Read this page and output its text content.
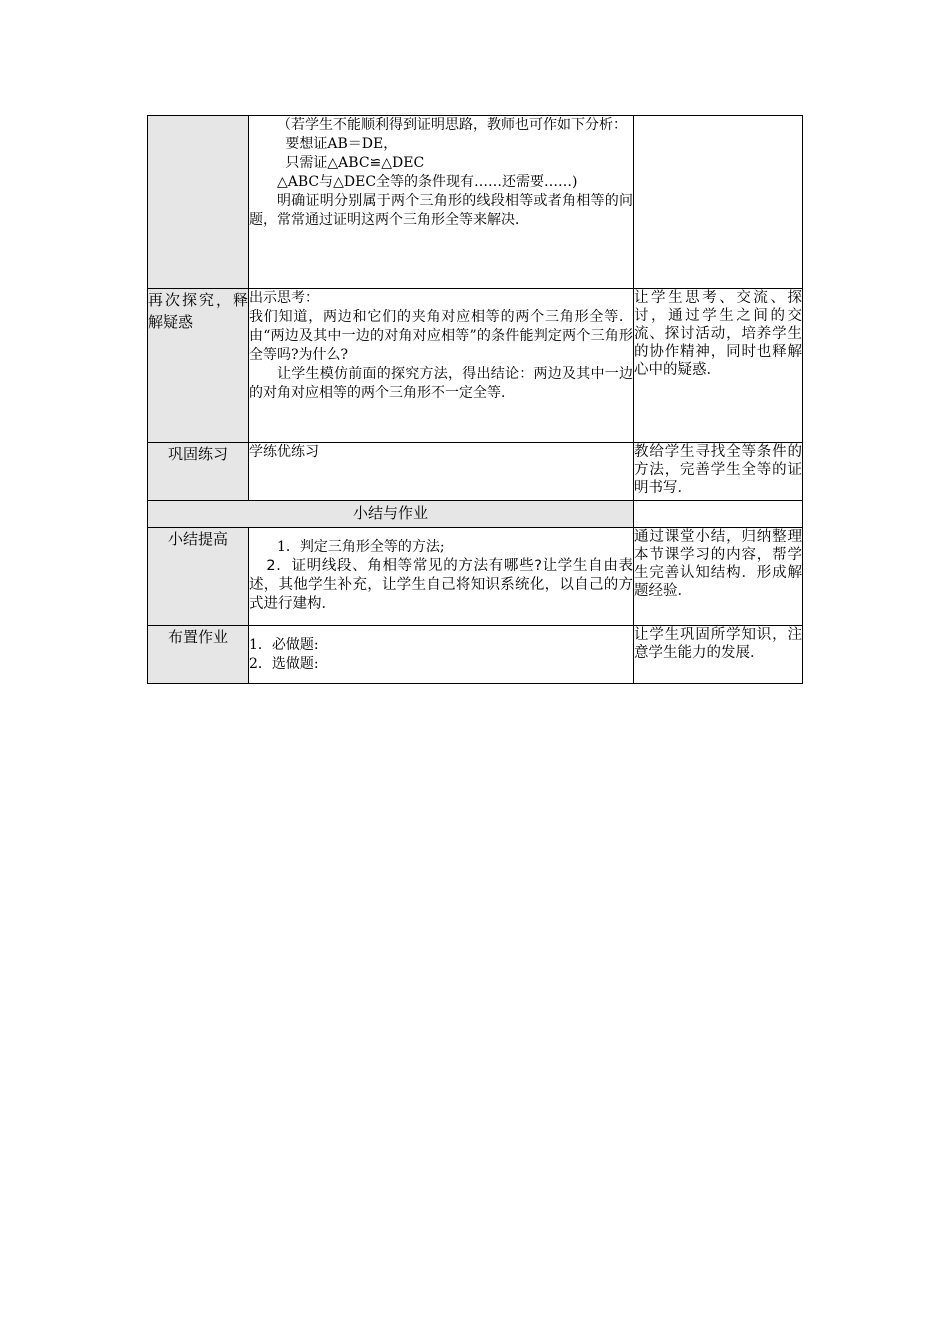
	（若学生不能顺利得到证明思路，教师也可作如下分析：

要想证AB＝DE，

只需证△ABC≌△DEC

△ABC与△DEC全等的条件现有……还需要……)

明确证明分别属于两个三角形的线段相等或者角相等的问题，常常通过证明这两个三角形全等来解决．	

再次探究，释解疑惑	出示思考：

我们知道，两边和它们的夹角对应相等的两个三角形全等．由“两边及其中一边的对角对应相等”的条件能判定两个三角形全等吗?为什么?

让学生模仿前面的探究方法，得出结论：两边及其中一边的对角对应相等的两个三角形不一定全等．	让学生思考、交流、探讨，通过学生之间的交流、探讨活动，培养学生的协作精神，同时也释解心中的疑惑．
巩固练习	学练优练习	教给学生寻找全等条件的方法，完善学生全等的证明书写．
小结与作业		
小结提高	1．判定三角形全等的方法;

2．证明线段、角相等常见的方法有哪些?让学生自由表述，其他学生补充，让学生自己将知识系统化，以自己的方式进行建构．	通过课堂小结，归纳整理本节课学习的内容，帮学生完善认知结构．形成解题经验．
布置作业	1．必做题:

2．选做题:	让学生巩固所学知识，注意学生能力的发展．
